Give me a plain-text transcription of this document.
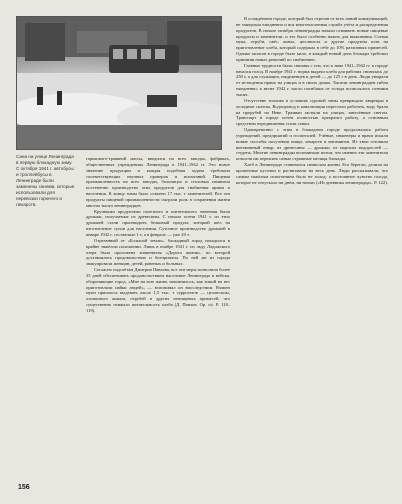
Сани на улице Ленинграда в первую блокадную зиму. С октября 1941 г. автобусы и троллейбусы в Ленинграде были заменены санями, которые использовали для перевозки горючего и лекарств.

горькового-травяной массы, вводился на всех заводах, фабриках, общественных учреждениях Ленинграда в 1941–1942 гг. Это новое значение продукции и каждая подобная задача требовала соответствующих научных проверок и испытаний. Пищевая промышленность на всех заводах, больницах и столовых начинала постепенно производство этих продуктов для снабжения армии и населения. К концу зимы было освоено 17 тыс. т заменителей. Все эти продукты пищевой промышленности сыграли роль в сохранении жизни многих тысяч ленинградцев.

Крупными продуктами полезного и питательного значения были дрожжи, получаемые из древесины. С начала осени 1941 г. из этих дрожжей стали производить белковый продукт, который шёл на изготовление супов для населения. Суточное производство дрожжей в январе 1942 г. составляло 1 т, а в феврале — уже 20 т.

Отрезанный от «Большой земли», блокадный город находился в крайне тяжёлом положении. Лишь в ноябре 1941 г. по льду Ладожского озера была проложена знаменитая «Дорога жизни», по которой доставлялись продовольствие и боеприпасы. По ней же из города эвакуировали женщин, детей, раненых и больных.

Согласно подсчётам Дмитрия Павлова, все эти меры позволили более 35 дней обеспечивать продовольствием население Ленинграда и войска, обороняющие город. «Мне на всю жизнь запомнилось, как зимой на вес приготовляли пайки людей», — вспоминал он впоследствии. Взамен муки пришлось выдавать около 1,5 тыс. т суррогатов — целлюлозы, хлопкового жмыха, отрубей и других непищевых примесей, что существенно снижало питательность хлеба (Д. Павлов. Ор. cit. P. 118–119).

В осаждённом городе, который был отрезан от всех линий коммуникаций, не замерзала ежедневно и вся многочисленная служба учёта и распределения продуктов. В начале октября ленинградцы начали осваивать новые пищевые продукты и заменители, и это было особенно важно для выживания. Соевая мука, отруби, овёс, жмых, целлюлоза и другие продукты шли на приготовление хлеба, который содержал в себе до 10% различных примесей. Однако запасов в городе было мало, и каждый новый день блокады требовал принятия новых решений по снабжению.

Главные трудности были связаны с тем, что к зиме 1941–1942 гг. в городе начался голод. В ноябре 1941 г. норма выдачи хлеба для рабочих снизилась до 250 г, а для служащих, иждивенцев и детей — до 125 г в день. Люди умирали от истощения прямо на улицах и в своих домах. Тысячи ленинградцев гибли ежедневно; к весне 1942 г. число погибших от голода исчислялось сотнями тысяч.

Отсутствие топлива в условиях суровой зимы превращало квартиры в холодные склепы. Водопровод и канализация перестали работать, воду брали из прорубей на Неве. Трамваи застыли на улицах, занесённые снегом. Транспорт в городе почти полностью прекратил работу, а основным средством передвижения стали санки.

Одновременно с этим в блокадном городе продолжалась работа учреждений, предприятий и госпиталей. Учёные, инженеры и врачи искали новые способы получения пищи, лекарств и витаминов. Из хвои готовили витаминный отвар, из древесины — дрожжи, из морских водорослей — студень. Многие ленинградцы вспоминали потом, что именно эти заменители помогли им пережить самые страшные месяцы блокады.

Хлеб в Ленинграде становился символом жизни. Его берегли, делили на крошечные кусочки и растягивали на весь день. Люди рассказывали, что самым тяжёлым испытанием было не холод, а постоянное чувство голода, которое не отпускало ни днём, ни ночью («Из дневника ленинградца». P. 122).

156
